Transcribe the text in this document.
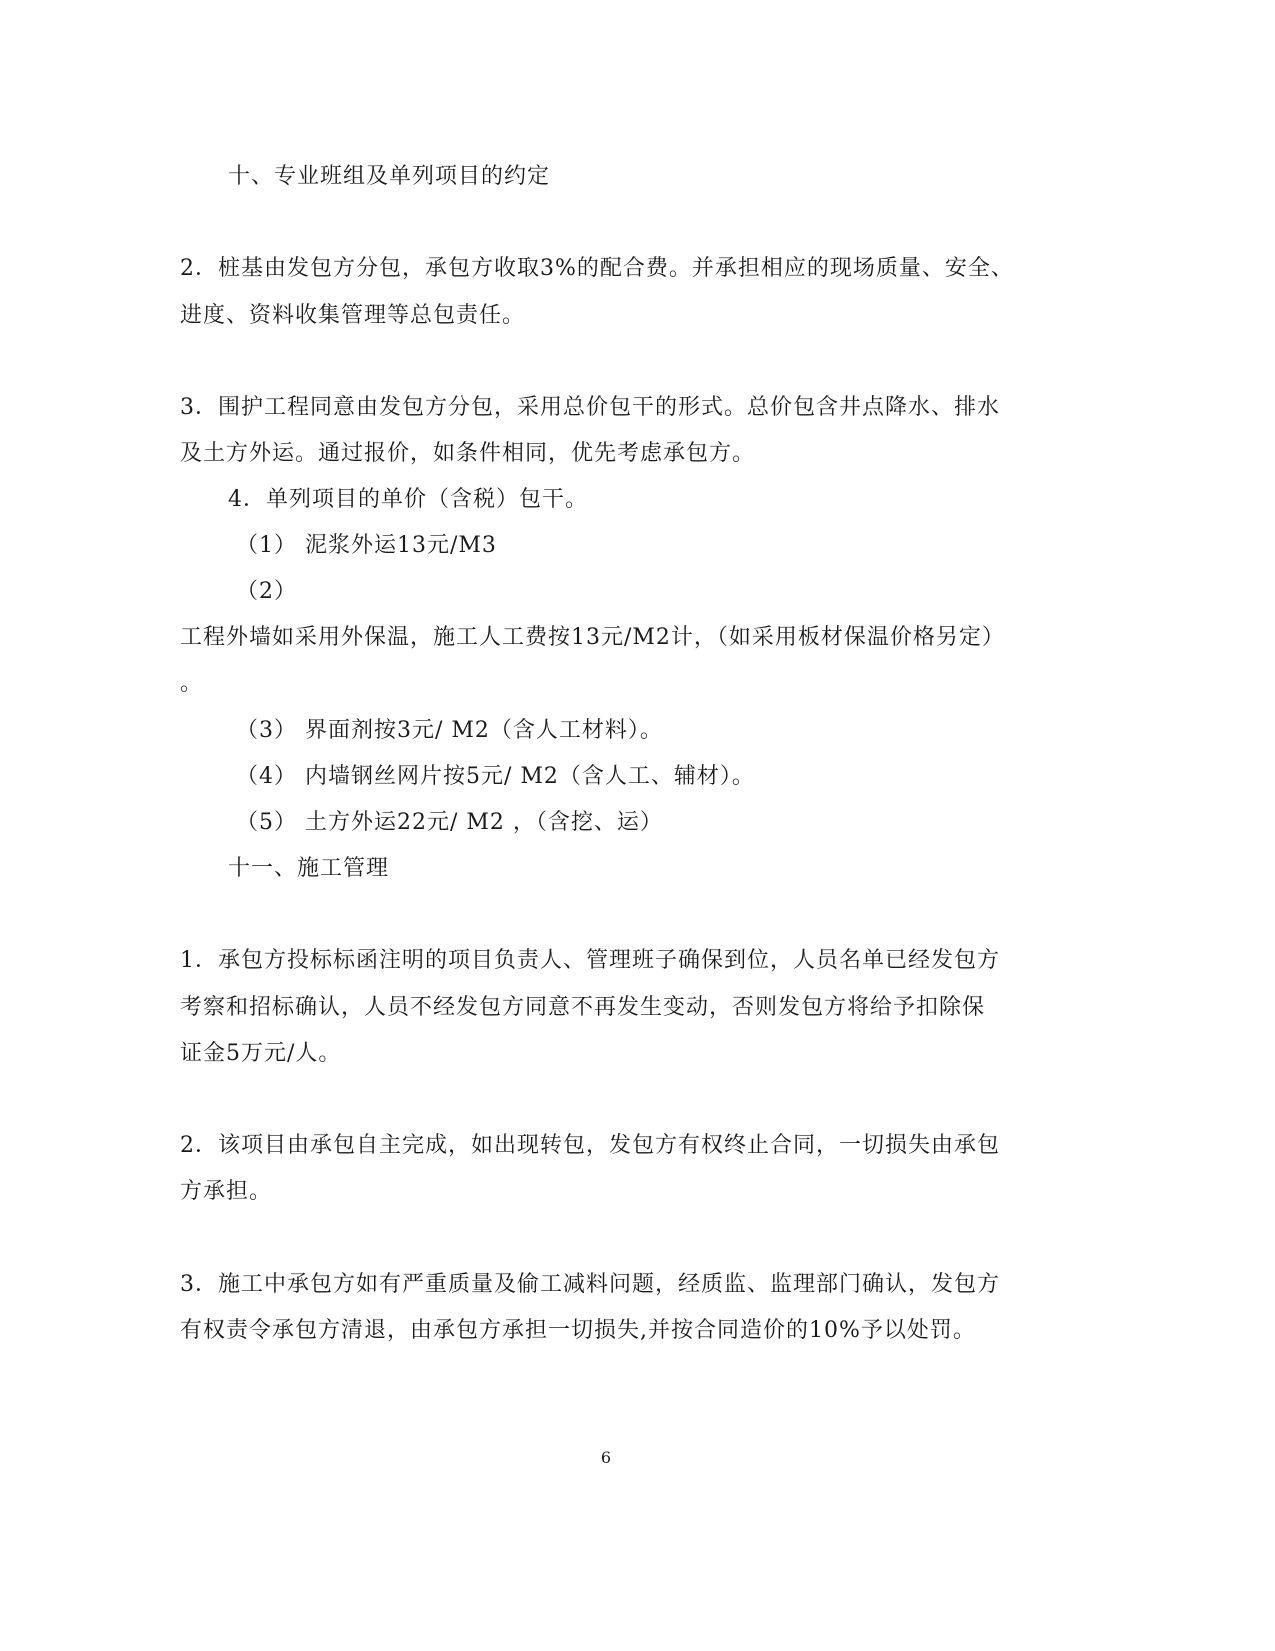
十、专业班组及单列项目的约定
2．桩基由发包方分包，承包方收取3%的配合费。并承担相应的现场质量、安全、
进度、资料收集管理等总包责任。
3．围护工程同意由发包方分包，采用总价包干的形式。总价包含井点降水、排水
及土方外运。通过报价，如条件相同，优先考虑承包方。
4．单列项目的单价（含税）包干。
（1） 泥浆外运13元/M3
（2）
工程外墙如采用外保温，施工人工费按13元/M2计，（如采用板材保温价格另定）
。
（3） 界面剂按3元/ M2（含人工材料）。
（4） 内墙钢丝网片按5元/ M2（含人工、辅材）。
（5） 土方外运22元/ M2 ，（含挖、运）
十一、施工管理
1．承包方投标标函注明的项目负责人、管理班子确保到位，人员名单已经发包方
考察和招标确认，人员不经发包方同意不再发生变动，否则发包方将给予扣除保
证金5万元/人。
2．该项目由承包自主完成，如出现转包，发包方有权终止合同，一切损失由承包
方承担。
3．施工中承包方如有严重质量及偷工减料问题，经质监、监理部门确认，发包方
有权责令承包方清退，由承包方承担一切损失,并按合同造价的10%予以处罚。
6
